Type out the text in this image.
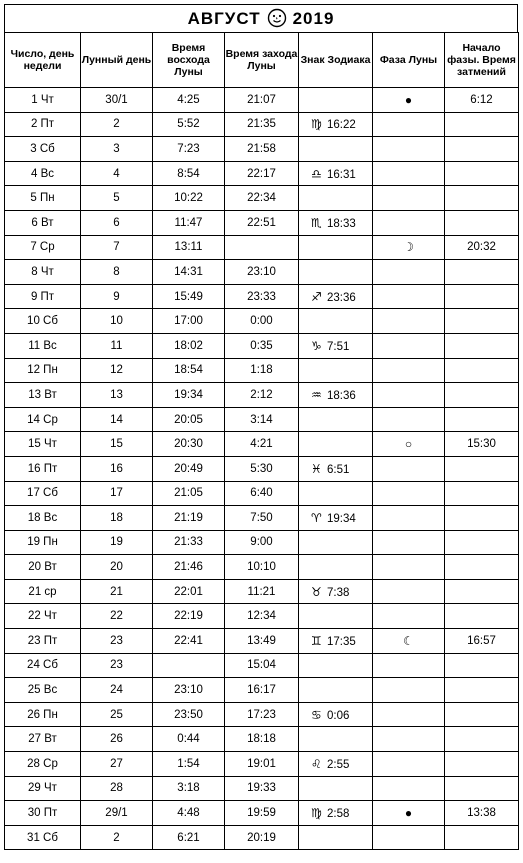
АВГУСТ 2019
Число, день недели	Лунный день	Время восхода Луны	Время захода Луны	Знак Зодиака	Фаза Луны	Начало фазы. Время затмений
1 Чт	30/1	4:25	21:07		●	6:12
2 Пт	2	5:52	21:35	♍ 16:22		
3 Сб	3	7:23	21:58			
4 Вс	4	8:54	22:17	♎ 16:31		
5 Пн	5	10:22	22:34			
6 Вт	6	11:47	22:51	♏ 18:33		
7 Ср	7	13:11			☽	20:32
8 Чт	8	14:31	23:10			
9 Пт	9	15:49	23:33	♐ 23:36		
10 Сб	10	17:00	0:00			
11 Вс	11	18:02	0:35	♑ 7:51		
12 Пн	12	18:54	1:18			
13 Вт	13	19:34	2:12	♒ 18:36		
14 Ср	14	20:05	3:14			
15 Чт	15	20:30	4:21		○	15:30
16 Пт	16	20:49	5:30	♓ 6:51		
17 Сб	17	21:05	6:40			
18 Вс	18	21:19	7:50	♈ 19:34		
19 Пн	19	21:33	9:00			
20 Вт	20	21:46	10:10			
21 ср	21	22:01	11:21	♉ 7:38		
22 Чт	22	22:19	12:34			
23 Пт	23	22:41	13:49	♊ 17:35	☾	16:57
24 Сб	23		15:04			
25 Вс	24	23:10	16:17			
26 Пн	25	23:50	17:23	♋ 0:06		
27 Вт	26	0:44	18:18			
28 Ср	27	1:54	19:01	♌ 2:55		
29 Чт	28	3:18	19:33			
30 Пт	29/1	4:48	19:59	♍ 2:58	●	13:38
31 Сб	2	6:21	20:19			
